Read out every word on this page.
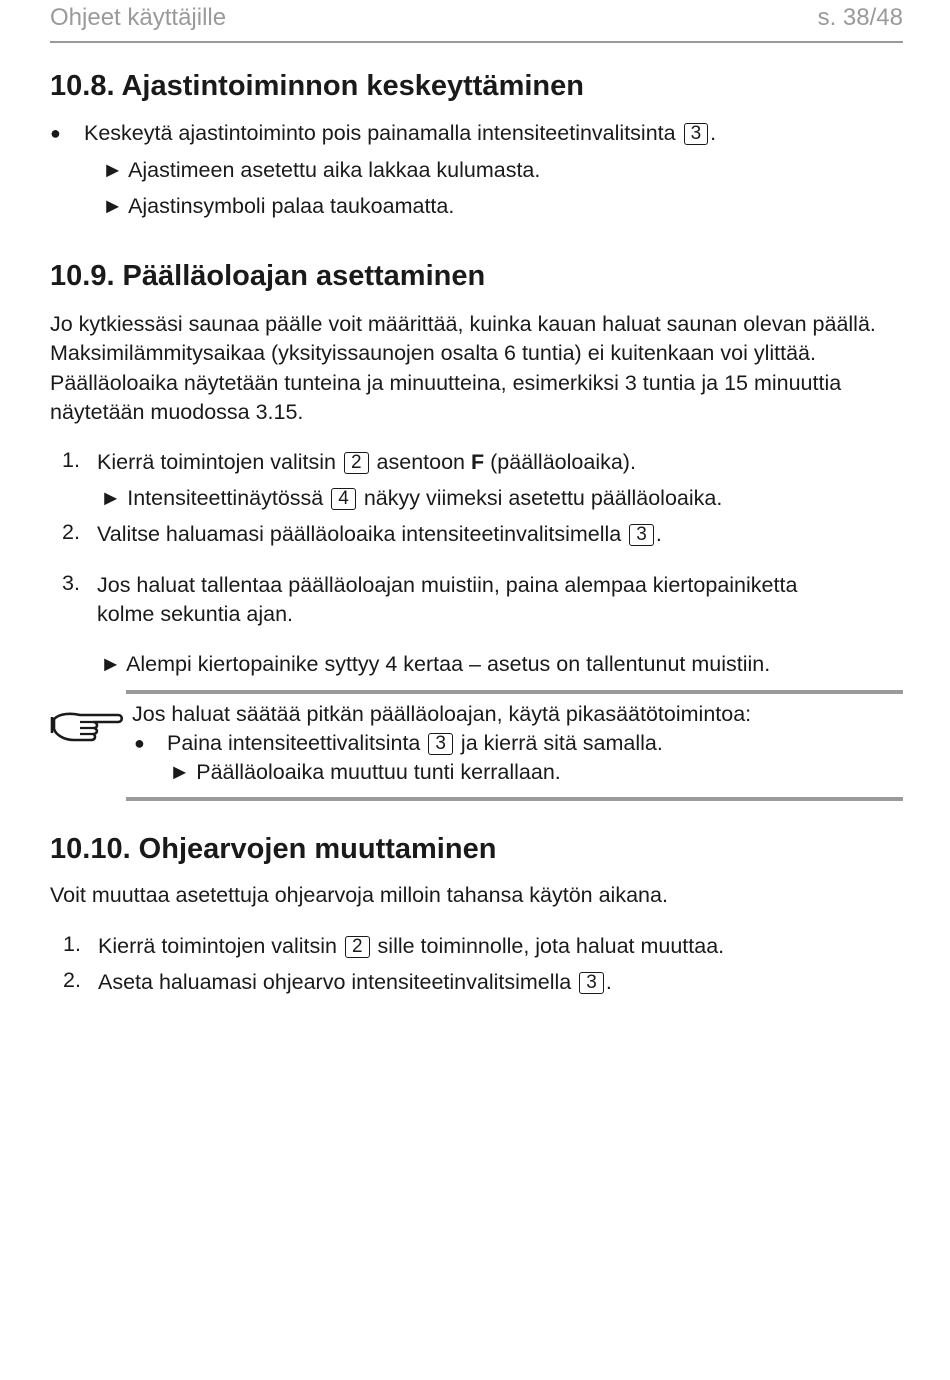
Ohjeet käyttäjille	s. 38/48
10.8. Ajastintoiminnon keskeyttäminen
● Keskeytä ajastintoiminto pois painamalla intensiteetinvalitsinta 3 .
► Ajastimeen asetettu aika lakkaa kulumasta.
► Ajastinsymboli palaa taukoamatta.
10.9. Päälläoloajan asettaminen
Jo kytkiessäsi saunaa päälle voit määrittää, kuinka kauan haluat saunan olevan päällä. Maksimilämmitysaikaa (yksityissaunojen osalta 6 tuntia) ei kuitenkaan voi ylittää. Päälläoloaika näytetään tunteina ja minuutteina, esimerkiksi 3 tuntia ja 15 minuuttia näytetään muodossa 3.15.
1. Kierrä toimintojen valitsin 2 asentoon F (päälläoloaika).
► Intensiteettinäytössä 4 näkyy viimeksi asetettu päälläoloaika.
2. Valitse haluamasi päälläoloaika intensiteetinvalitsimella 3 .
3. Jos haluat tallentaa päälläoloajan muistiin, paina alempaa kiertopainiketta
kolme sekuntia ajan.
► Alempi kiertopainike syttyy 4 kertaa – asetus on tallentunut muistiin.
Jos haluat säätää pitkän päälläoloajan, käytä pikasäätötoimintoa:
● Paina intensiteettivalitsinta 3 ja kierrä sitä samalla.
► Päälläoloaika muuttuu tunti kerrallaan.
10.10. Ohjearvojen muuttaminen
Voit muuttaa asetettuja ohjearvoja milloin tahansa käytön aikana.
1. Kierrä toimintojen valitsin 2 sille toiminnolle, jota haluat muuttaa.
2. Aseta haluamasi ohjearvo intensiteetinvalitsimella 3 .
